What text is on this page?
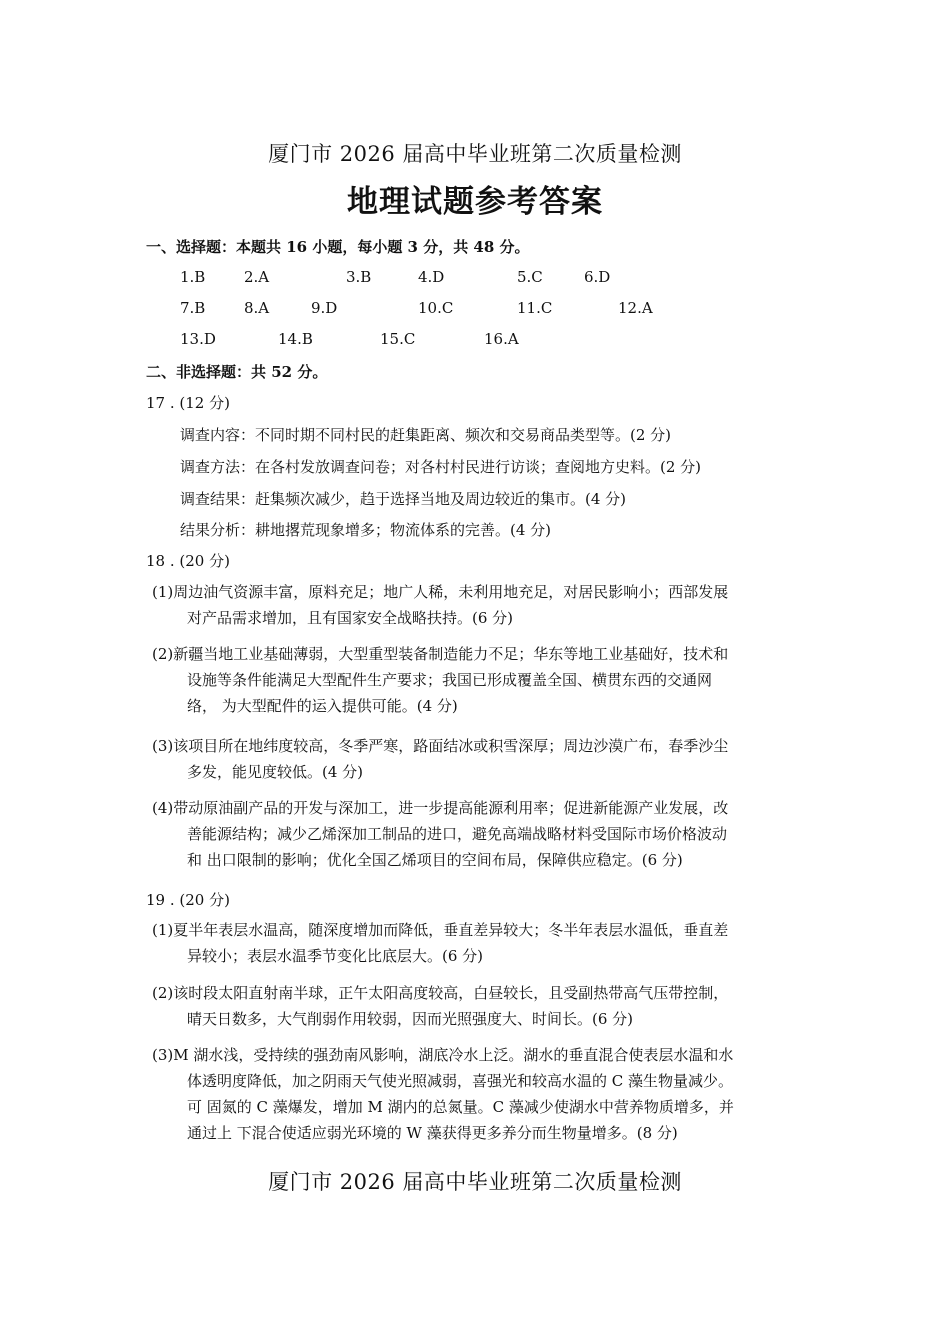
厦门市 2026 届高中毕业班第二次质量检测
地理试题参考答案
一、选择题：本题共 16 小题，每小题 3 分，共 48 分。
1.B	2.A	3.B	4.D	5.C	6.D
7.B	8.A	9.D	10.C	11.C	12.A
13.D	14.B	15.C	16.A
二、非选择题：共 52 分。
17 . (12 分)
调查内容：不同时期不同村民的赶集距离、频次和交易商品类型等。(2 分)
调查方法：在各村发放调查问卷；对各村村民进行访谈；查阅地方史料。(2 分)
调查结果：赶集频次减少，趋于选择当地及周边较近的集市。(4 分)
结果分析：耕地撂荒现象增多；物流体系的完善。(4 分)
18 . (20 分)
(1)周边油气资源丰富，原料充足；地广人稀，未利用地充足，对居民影响小；西部发展
对产品需求增加，且有国家安全战略扶持。(6 分)
(2)新疆当地工业基础薄弱，大型重型装备制造能力不足；华东等地工业基础好，技术和
设施等条件能满足大型配件生产要求；我国已形成覆盖全国、横贯东西的交通网
络， 为大型配件的运入提供可能。(4 分)
(3)该项目所在地纬度较高，冬季严寒，路面结冰或积雪深厚；周边沙漠广布，春季沙尘
多发，能见度较低。(4 分)
(4)带动原油副产品的开发与深加工，进一步提高能源利用率；促进新能源产业发展，改
善能源结构；减少乙烯深加工制品的进口，避免高端战略材料受国际市场价格波动
和 出口限制的影响；优化全国乙烯项目的空间布局，保障供应稳定。(6 分)
19 . (20 分)
(1)夏半年表层水温高，随深度增加而降低，垂直差异较大；冬半年表层水温低，垂直差
异较小；表层水温季节变化比底层大。(6 分)
(2)该时段太阳直射南半球，正午太阳高度较高，白昼较长，且受副热带高气压带控制，
晴天日数多，大气削弱作用较弱，因而光照强度大、时间长。(6 分)
(3)M 湖水浅，受持续的强劲南风影响，湖底冷水上泛。湖水的垂直混合使表层水温和水
体透明度降低，加之阴雨天气使光照减弱，喜强光和较高水温的 C 藻生物量减少。
可 固氮的 C 藻爆发，增加 M 湖内的总氮量。C 藻减少使湖水中营养物质增多，并
通过上 下混合使适应弱光环境的 W 藻获得更多养分而生物量增多。(8 分)
厦门市 2026 届高中毕业班第二次质量检测
